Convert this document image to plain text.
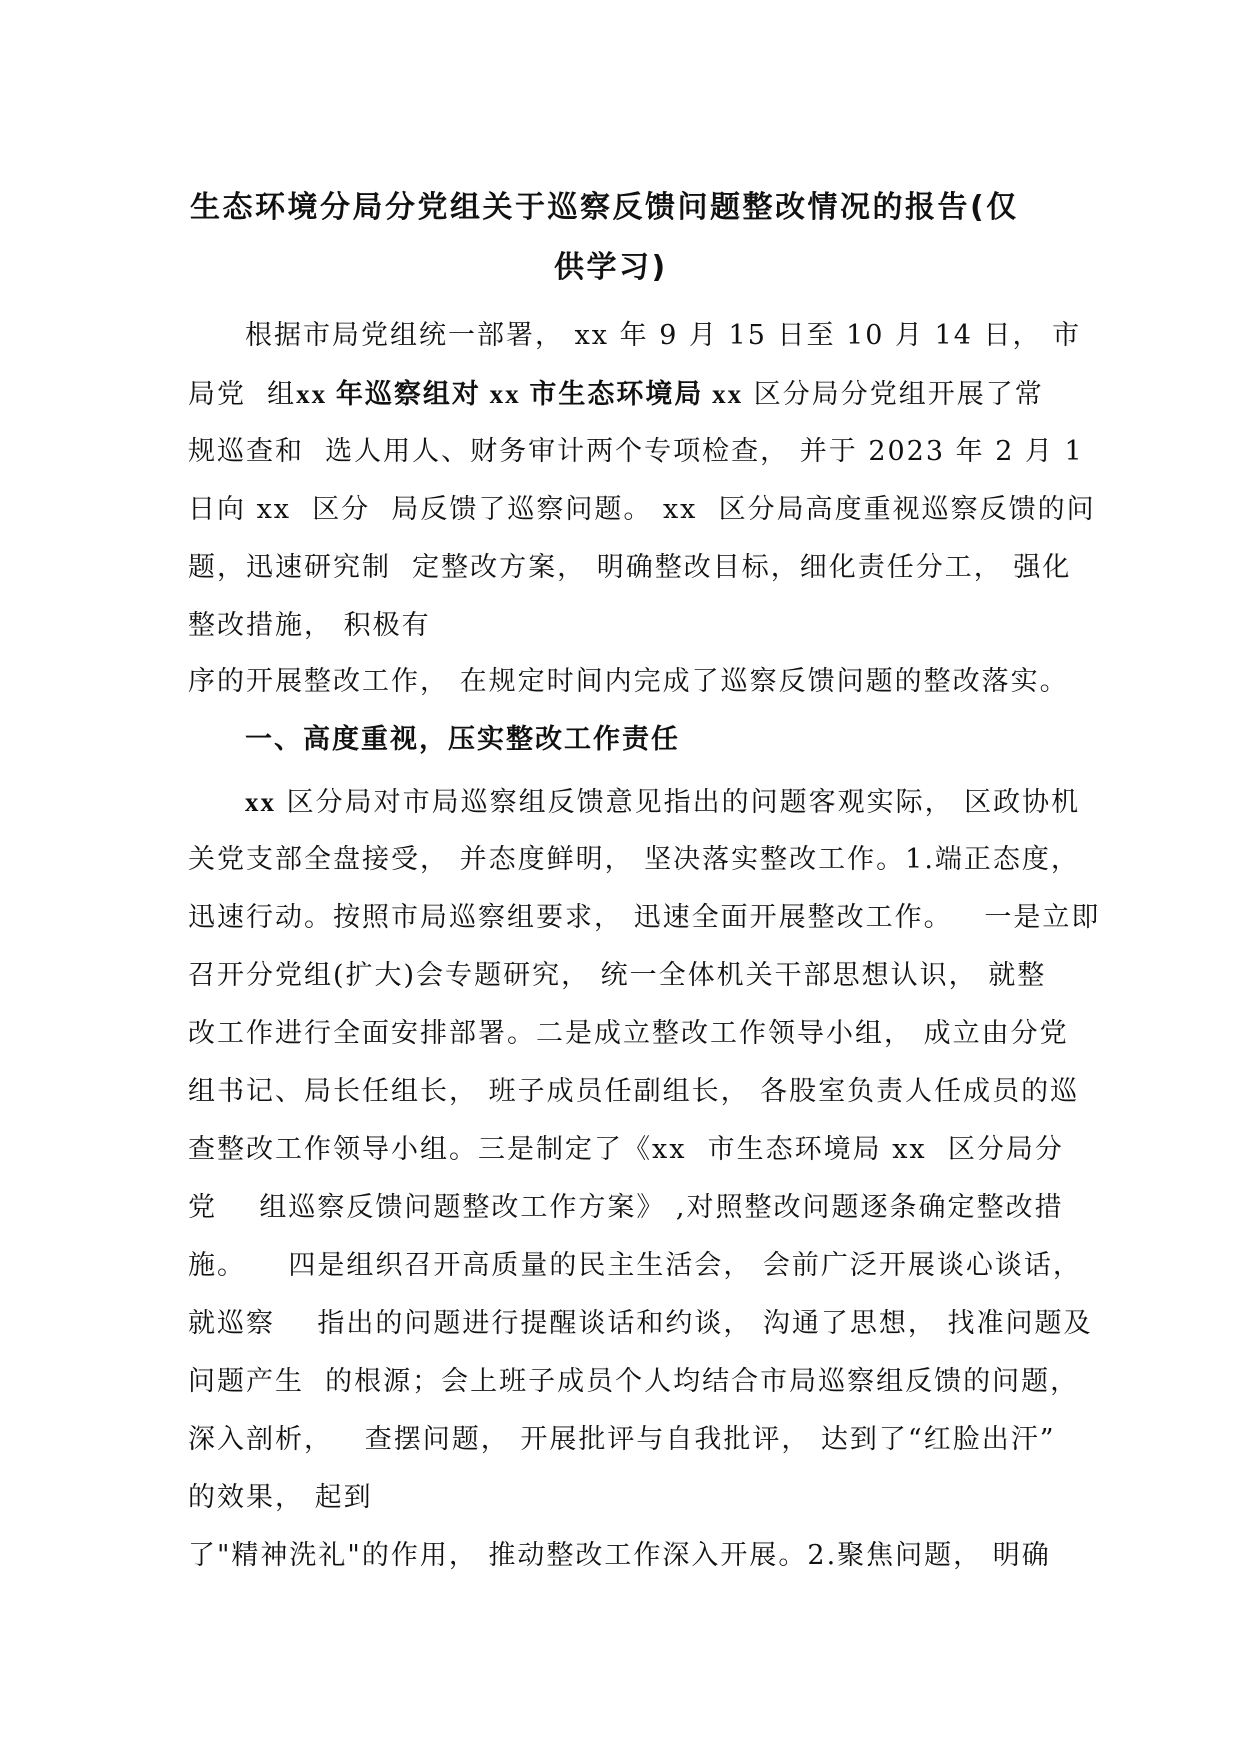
生态环境分局分党组关于巡察反馈问题整改情况的报告(仅
供学习)
根据市局党组统一部署， xx 年 9 月 15 日至 10 月 14 日， 市
局党  组xx 年巡察组对 xx 市生态环境局 xx 区分局分党组开展了常
规巡查和  选人用人、财务审计两个专项检查， 并于 2023 年 2 月 1
日向 xx  区分  局反馈了巡察问题。 xx  区分局高度重视巡察反馈的问
题，迅速研究制  定整改方案， 明确整改目标，细化责任分工， 强化
整改措施， 积极有
序的开展整改工作， 在规定时间内完成了巡察反馈问题的整改落实。
一、高度重视，压实整改工作责任
xx 区分局对市局巡察组反馈意见指出的问题客观实际， 区政协机
关党支部全盘接受， 并态度鲜明， 坚决落实整改工作。1.端正态度，
迅速行动。按照市局巡察组要求， 迅速全面开展整改工作。   一是立即
召开分党组(扩大)会专题研究， 统一全体机关干部思想认识， 就整
改工作进行全面安排部署。二是成立整改工作领导小组， 成立由分党
组书记、局长任组长， 班子成员任副组长， 各股室负责人任成员的巡
查整改工作领导小组。三是制定了《xx  市生态环境局 xx  区分局分
党    组巡察反馈问题整改工作方案》 ,对照整改问题逐条确定整改措
施。    四是组织召开高质量的民主生活会， 会前广泛开展谈心谈话，
就巡察    指出的问题进行提醒谈话和约谈， 沟通了思想， 找准问题及
问题产生  的根源；会上班子成员个人均结合市局巡察组反馈的问题，
深入剖析，   查摆问题， 开展批评与自我批评， 达到了“红脸出汗”
的效果， 起到
了"精神洗礼"的作用， 推动整改工作深入开展。2.聚焦问题， 明确
